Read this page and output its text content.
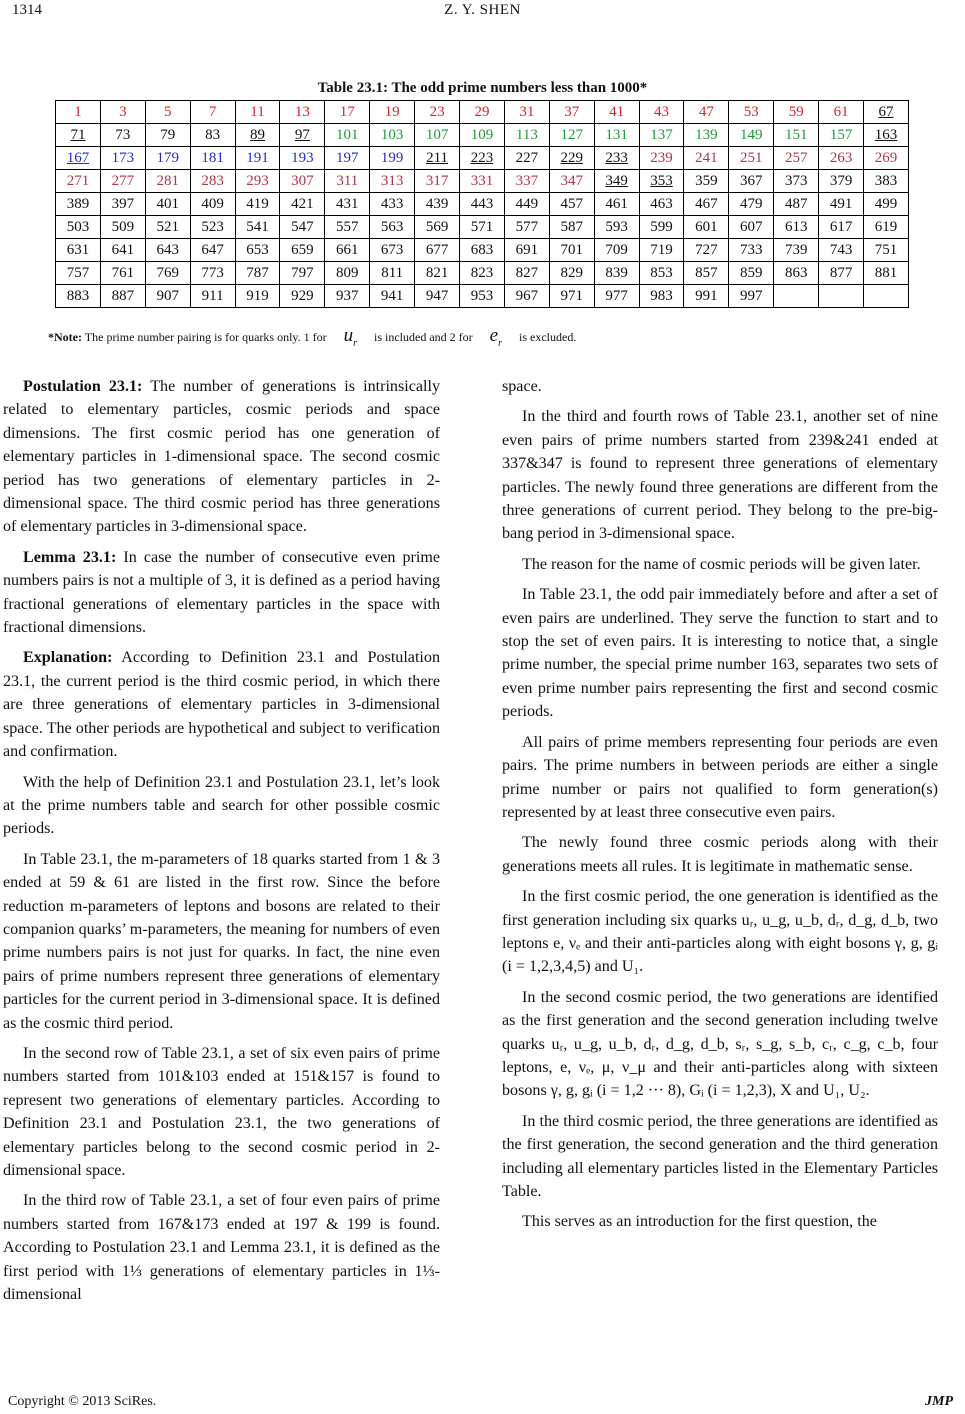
1314	Z. Y. SHEN
Table 23.1: The odd prime numbers less than 1000*
1	3	5	7	11	13	17	19	23	29	31	37	41	43	47	53	59	61	67
71	73	79	83	89	97	101	103	107	109	113	127	131	137	139	149	151	157	163
167	173	179	181	191	193	197	199	211	223	227	229	233	239	241	251	257	263	269
271	277	281	283	293	307	311	313	317	331	337	347	349	353	359	367	373	379	383
389	397	401	409	419	421	431	433	439	443	449	457	461	463	467	479	487	491	499
503	509	521	523	541	547	557	563	569	571	577	587	593	599	601	607	613	617	619
631	641	643	647	653	659	661	673	677	683	691	701	709	719	727	733	739	743	751
757	761	769	773	787	797	809	811	821	823	827	829	839	853	857	859	863	877	881
883	887	907	911	919	929	937	941	947	953	967	971	977	983	991	997			
*Note: The prime number pairing is for quarks only. 1 for $u_r$ is included and 2 for $e_r$ is excluded.

Postulation 23.1: The number of generations is intrinsically related to elementary particles, cosmic periods and space dimensions. The first cosmic period has one generation of elementary particles in 1-dimensional space. The second cosmic period has two generations of elementary particles in 2-dimensional space. The third cosmic period has three generations of elementary particles in 3-dimensional space.

Lemma 23.1: In case the number of consecutive even prime numbers pairs is not a multiple of 3, it is defined as a period having fractional generations of elementary particles in the space with fractional dimensions.

Explanation: According to Definition 23.1 and Postulation 23.1, the current period is the third cosmic period, in which there are three generations of elementary particles in 3-dimensional space. The other periods are hypothetical and subject to verification and confirmation.

With the help of Definition 23.1 and Postulation 23.1, let’s look at the prime numbers table and search for other possible cosmic periods.

In Table 23.1, the m-parameters of 18 quarks started from 1 & 3 ended at 59 & 61 are listed in the first row. Since the before reduction m-parameters of leptons and bosons are related to their companion quarks’ m-parameters, the meaning for numbers of even prime numbers pairs is not just for quarks. In fact, the nine even pairs of prime numbers represent three generations of elementary particles for the current period in 3-dimensional space. It is defined as the cosmic third period.

In the second row of Table 23.1, a set of six even pairs of prime numbers started from 101&103 ended at 151&157 is found to represent two generations of elementary particles. According to Definition 23.1 and Postulation 23.1, the two generations of elementary particles belong to the second cosmic period in 2-dimensional space.

In the third row of Table 23.1, a set of four even pairs of prime numbers started from 167&173 ended at 197 & 199 is found. According to Postulation 23.1 and Lemma 23.1, it is defined as the first period with 1⅓ generations of elementary particles in 1⅓-dimensional

space.

In the third and fourth rows of Table 23.1, another set of nine even pairs of prime numbers started from 239&241 ended at 337&347 is found to represent three generations of elementary particles. The newly found three generations are different from the three generations of current period. They belong to the pre-big-bang period in 3-dimensional space.

The reason for the name of cosmic periods will be given later.

In Table 23.1, the odd pair immediately before and after a set of even pairs are underlined. They serve the function to start and to stop the set of even pairs. It is interesting to notice that, a single prime number, the special prime number 163, separates two sets of even prime number pairs representing the first and second cosmic periods.

All pairs of prime members representing four periods are even pairs. The prime numbers in between periods are either a single prime number or pairs not qualified to form generation(s) represented by at least three consecutive even pairs.

The newly found three cosmic periods along with their generations meets all rules. It is legitimate in mathematic sense.

In the first cosmic period, the one generation is identified as the first generation including six quarks uᵣ, u_g, u_b, dᵣ, d_g, d_b, two leptons e, νₑ and their anti-particles along with eight bosons γ, g, gᵢ (i = 1,2,3,4,5) and U₁.

In the second cosmic period, the two generations are identified as the first generation and the second generation including twelve quarks uᵣ, u_g, u_b, dᵣ, d_g, d_b, sᵣ, s_g, s_b, cᵣ, c_g, c_b, four leptons, e, νₑ, μ, ν_μ and their anti-particles along with sixteen bosons γ, g, gᵢ (i = 1,2 ··· 8), Gᵢ (i = 1,2,3), X and U₁, U₂.

In the third cosmic period, the three generations are identified as the first generation, the second generation and the third generation including all elementary particles listed in the Elementary Particles Table.

This serves as an introduction for the first question, the

Copyright © 2013 SciRes.	JMP
